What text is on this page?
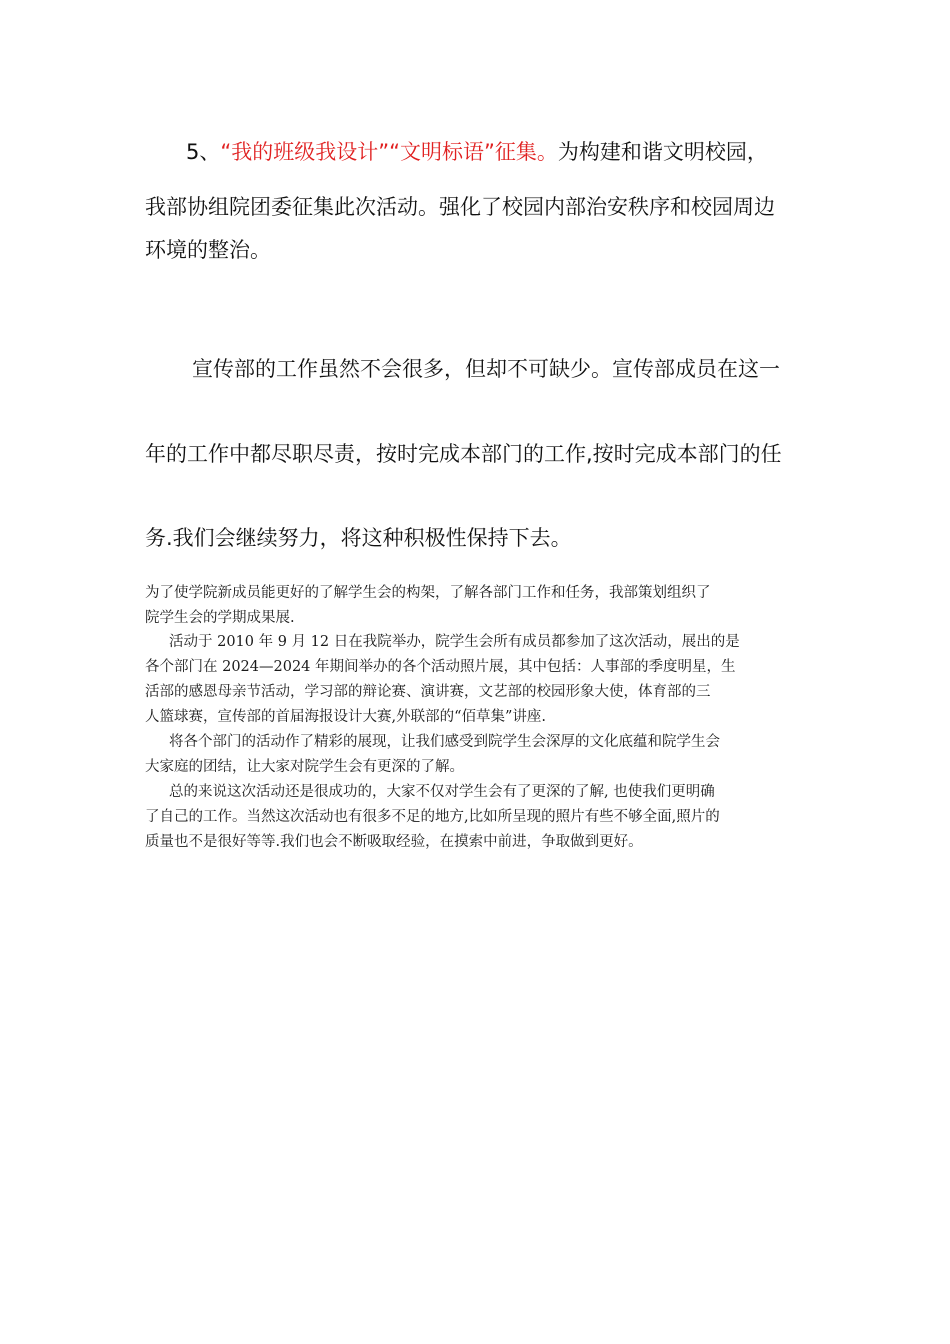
5、“我的班级我设计”“文明标语”征集。为构建和谐文明校园，
我部协组院团委征集此次活动。强化了校园内部治安秩序和校园周边
环境的整治。
宣传部的工作虽然不会很多，但却不可缺少。宣传部成员在这一
年的工作中都尽职尽责，按时完成本部门的工作,按时完成本部门的任
务.我们会继续努力，将这种积极性保持下去。
为了使学院新成员能更好的了解学生会的构架，了解各部门工作和任务，我部策划组织了
院学生会的学期成果展.
活动于 2010 年 9 月 12 日在我院举办，院学生会所有成员都参加了这次活动，展出的是
各个部门在 2024—2024 年期间举办的各个活动照片展，其中包括：人事部的季度明星，生
活部的感恩母亲节活动，学习部的辩论赛、演讲赛，文艺部的校园形象大使，体育部的三
人篮球赛，宣传部的首届海报设计大赛,外联部的“佰草集”讲座.
将各个部门的活动作了精彩的展现，让我们感受到院学生会深厚的文化底蕴和院学生会
大家庭的团结，让大家对院学生会有更深的了解。
总的来说这次活动还是很成功的，大家不仅对学生会有了更深的了解, 也使我们更明确
了自己的工作。当然这次活动也有很多不足的地方,比如所呈现的照片有些不够全面,照片的
质量也不是很好等等.我们也会不断吸取经验，在摸索中前进，争取做到更好。
